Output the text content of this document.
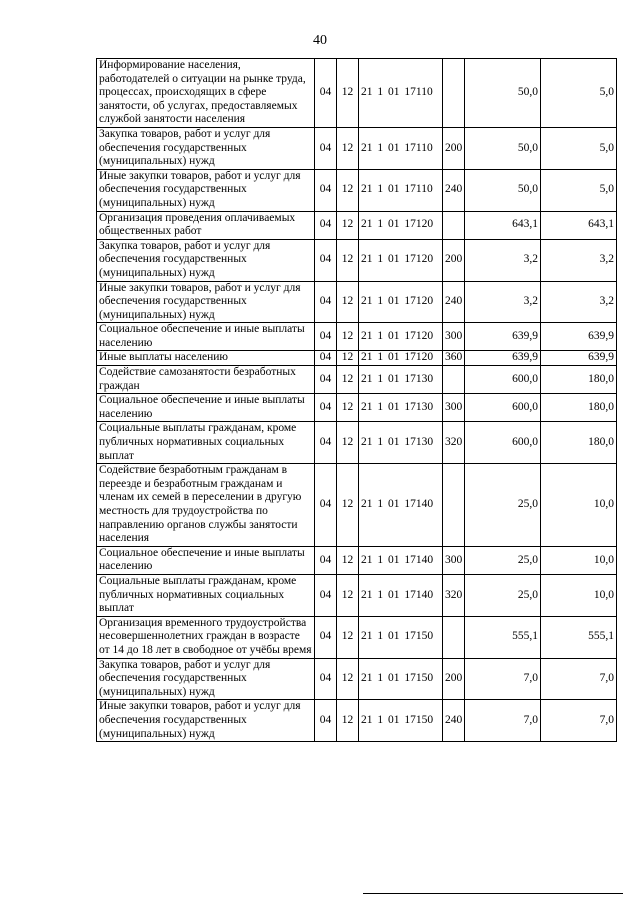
40
Информирование населения, работодателей о ситуации на рынке труда, процессах, происходящих в сфере занятости, об услугах, предоставляемых службой занятости населения	04	12	21 1 01 17110		50,0	5,0
Закупка товаров, работ и услуг для обеспечения государственных (муниципальных) нужд	04	12	21 1 01 17110	200	50,0	5,0
Иные закупки товаров, работ и услуг для обеспечения государственных (муниципальных) нужд	04	12	21 1 01 17110	240	50,0	5,0
Организация проведения оплачиваемых общественных работ	04	12	21 1 01 17120		643,1	643,1
Закупка товаров, работ и услуг для обеспечения государственных (муниципальных) нужд	04	12	21 1 01 17120	200	3,2	3,2
Иные закупки товаров, работ и услуг для обеспечения государственных (муниципальных) нужд	04	12	21 1 01 17120	240	3,2	3,2
Социальное обеспечение и иные выплаты населению	04	12	21 1 01 17120	300	639,9	639,9
Иные выплаты населению	04	12	21 1 01 17120	360	639,9	639,9
Содействие самозанятости безработных граждан	04	12	21 1 01 17130		600,0	180,0
Социальное обеспечение и иные выплаты населению	04	12	21 1 01 17130	300	600,0	180,0
Социальные выплаты гражданам, кроме публичных нормативных социальных выплат	04	12	21 1 01 17130	320	600,0	180,0
Содействие безработным гражданам в переезде и безработным гражданам и членам их семей в переселении в другую местность для трудоустройства по направлению органов службы занятости населения	04	12	21 1 01 17140		25,0	10,0
Социальное обеспечение и иные выплаты населению	04	12	21 1 01 17140	300	25,0	10,0
Социальные выплаты гражданам, кроме публичных нормативных социальных выплат	04	12	21 1 01 17140	320	25,0	10,0
Организация временного трудоустройства несовершеннолетних граждан в возрасте от 14 до 18 лет в свободное от учёбы время	04	12	21 1 01 17150		555,1	555,1
Закупка товаров, работ и услуг для обеспечения государственных (муниципальных) нужд	04	12	21 1 01 17150	200	7,0	7,0
Иные закупки товаров, работ и услуг для обеспечения государственных (муниципальных) нужд	04	12	21 1 01 17150	240	7,0	7,0
